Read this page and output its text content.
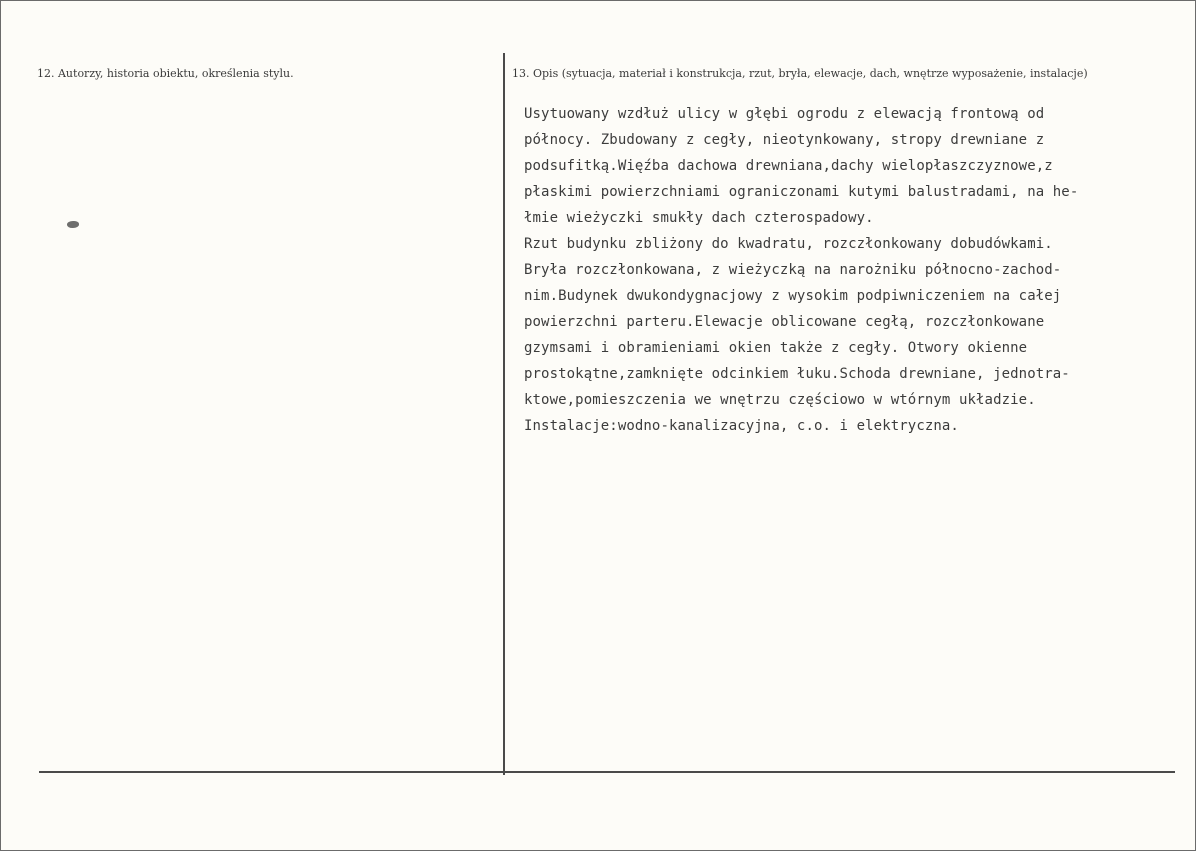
12. Autorzy, historia obiektu, określenia stylu.	13. Opis (sytuacja, materiał i konstrukcja, rzut, bryła, elewacje, dach, wnętrze wyposażenie, instalacje)
Usytuowany wzdłuż ulicy w głębi ogrodu z elewacją frontową od
północy. Zbudowany z cegły, nieotynkowany, stropy drewniane z
podsufitką.Więźba dachowa drewniana,dachy wielopłaszczyznowe,z
płaskimi powierzchniami ograniczonami kutymi balustradami, na he-
łmie wieżyczki smukły dach czterospadowy.
Rzut budynku zbliżony do kwadratu, rozczłonkowany dobudówkami.
Bryła rozczłonkowana, z wieżyczką na narożniku północno-zachod-
nim.Budynek dwukondygnacjowy z wysokim podpiwniczeniem na całej
powierzchni parteru.Elewacje oblicowane cegłą, rozczłonkowane
gzymsami i obramieniami okien także z cegły. Otwory okienne
prostokątne,zamknięte odcinkiem łuku.Schoda drewniane, jednotra-
ktowe,pomieszczenia we wnętrzu częściowo w wtórnym układzie.
Instalacje:wodno-kanalizacyjna, c.o. i elektryczna.
